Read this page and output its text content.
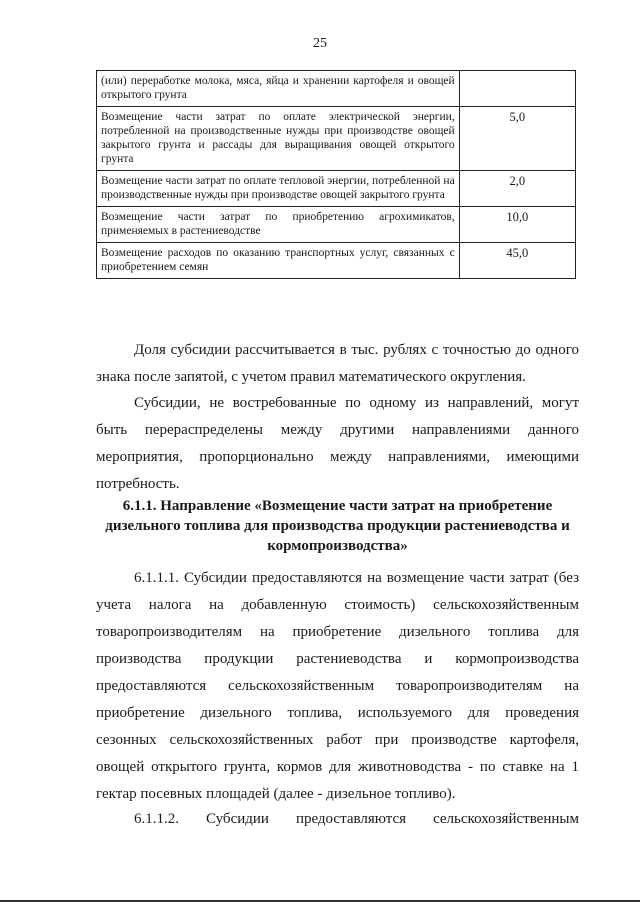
25
(или) переработке молока, мяса, яйца и хранении картофеля и овощей открытого грунта	
Возмещение части затрат по оплате электрической энергии, потребленной на производственные нужды при производстве овощей закрытого грунта и рассады для выращивания овощей открытого грунта	5,0
Возмещение части затрат по оплате тепловой энергии, потребленной на производственные нужды при производстве овощей закрытого грунта	2,0
Возмещение части затрат по приобретению агрохимикатов, применяемых в растениеводстве	10,0
Возмещение расходов по оказанию транспортных услуг, связанных с приобретением семян	45,0

Доля субсидии рассчитывается в тыс. рублях с точностью до одного знака после запятой, с учетом правил математического округления.

Субсидии, не востребованные по одному из направлений, могут быть перераспределены между другими направлениями данного мероприятия, пропорционально между направлениями, имеющими потребность.

6.1.1. Направление «Возмещение части затрат на приобретение дизельного топлива для производства продукции растениеводства и кормопроизводства»

6.1.1.1. Субсидии предоставляются на возмещение части затрат (без учета налога на добавленную стоимость) сельскохозяйственным товаропроизводителям на приобретение дизельного топлива для производства продукции растениеводства и кормопроизводства предоставляются сельскохозяйственным товаропроизводителям на приобретение дизельного топлива, используемого для проведения сезонных сельскохозяйственных работ при производстве картофеля, овощей открытого грунта, кормов для животноводства - по ставке на 1 гектар посевных площадей (далее - дизельное топливо).

6.1.1.2. Субсидии предоставляются сельскохозяйственным
